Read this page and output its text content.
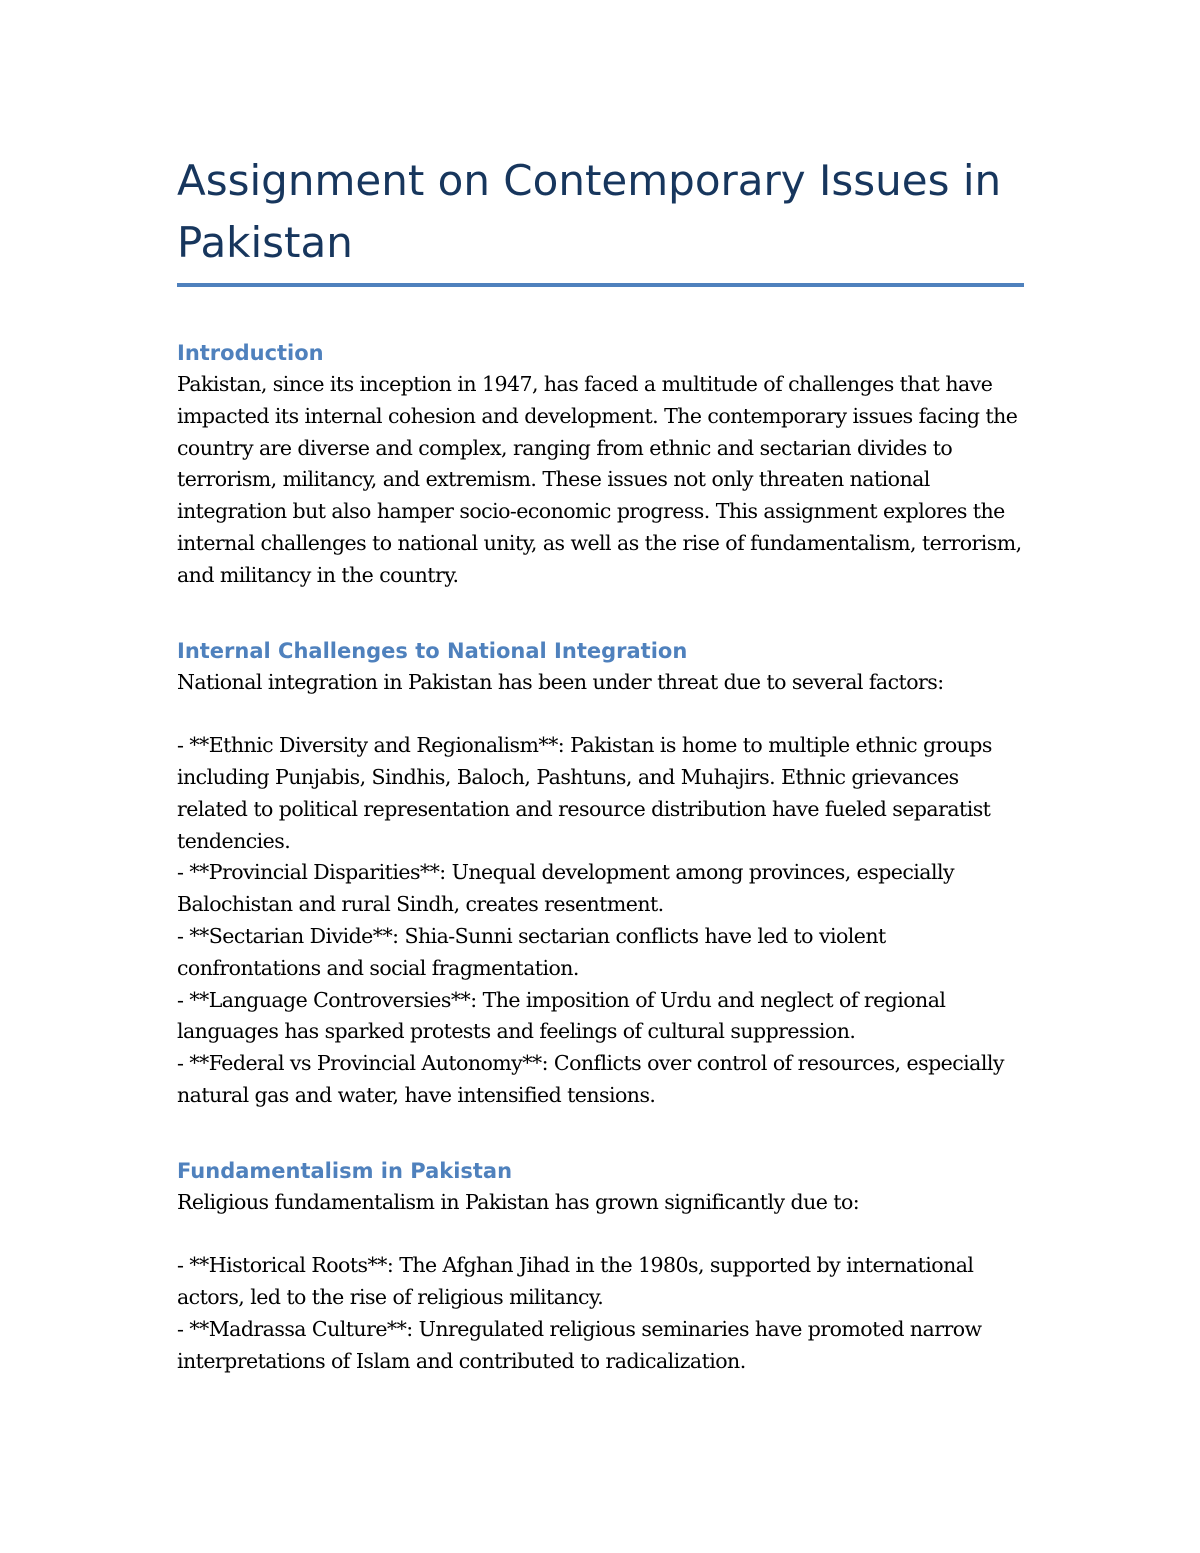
Assignment on Contemporary Issues in Pakistan
Introduction

Pakistan, since its inception in 1947, has faced a multitude of challenges that have impacted its internal cohesion and development. The contemporary issues facing the country are diverse and complex, ranging from ethnic and sectarian divides to terrorism, militancy, and extremism. These issues not only threaten national integration but also hamper socio-economic progress. This assignment explores the internal challenges to national unity, as well as the rise of fundamentalism, terrorism, and militancy in the country.

Internal Challenges to National Integration

National integration in Pakistan has been under threat due to several factors:

- **Ethnic Diversity and Regionalism**: Pakistan is home to multiple ethnic groups including Punjabis, Sindhis, Baloch, Pashtuns, and Muhajirs. Ethnic grievances related to political representation and resource distribution have fueled separatist tendencies.
- **Provincial Disparities**: Unequal development among provinces, especially Balochistan and rural Sindh, creates resentment.
- **Sectarian Divide**: Shia-Sunni sectarian conflicts have led to violent confrontations and social fragmentation.
- **Language Controversies**: The imposition of Urdu and neglect of regional languages has sparked protests and feelings of cultural suppression.
- **Federal vs Provincial Autonomy**: Conflicts over control of resources, especially natural gas and water, have intensified tensions.
Fundamentalism in Pakistan

Religious fundamentalism in Pakistan has grown significantly due to:

- **Historical Roots**: The Afghan Jihad in the 1980s, supported by international actors, led to the rise of religious militancy.
- **Madrassa Culture**: Unregulated religious seminaries have promoted narrow interpretations of Islam and contributed to radicalization.
